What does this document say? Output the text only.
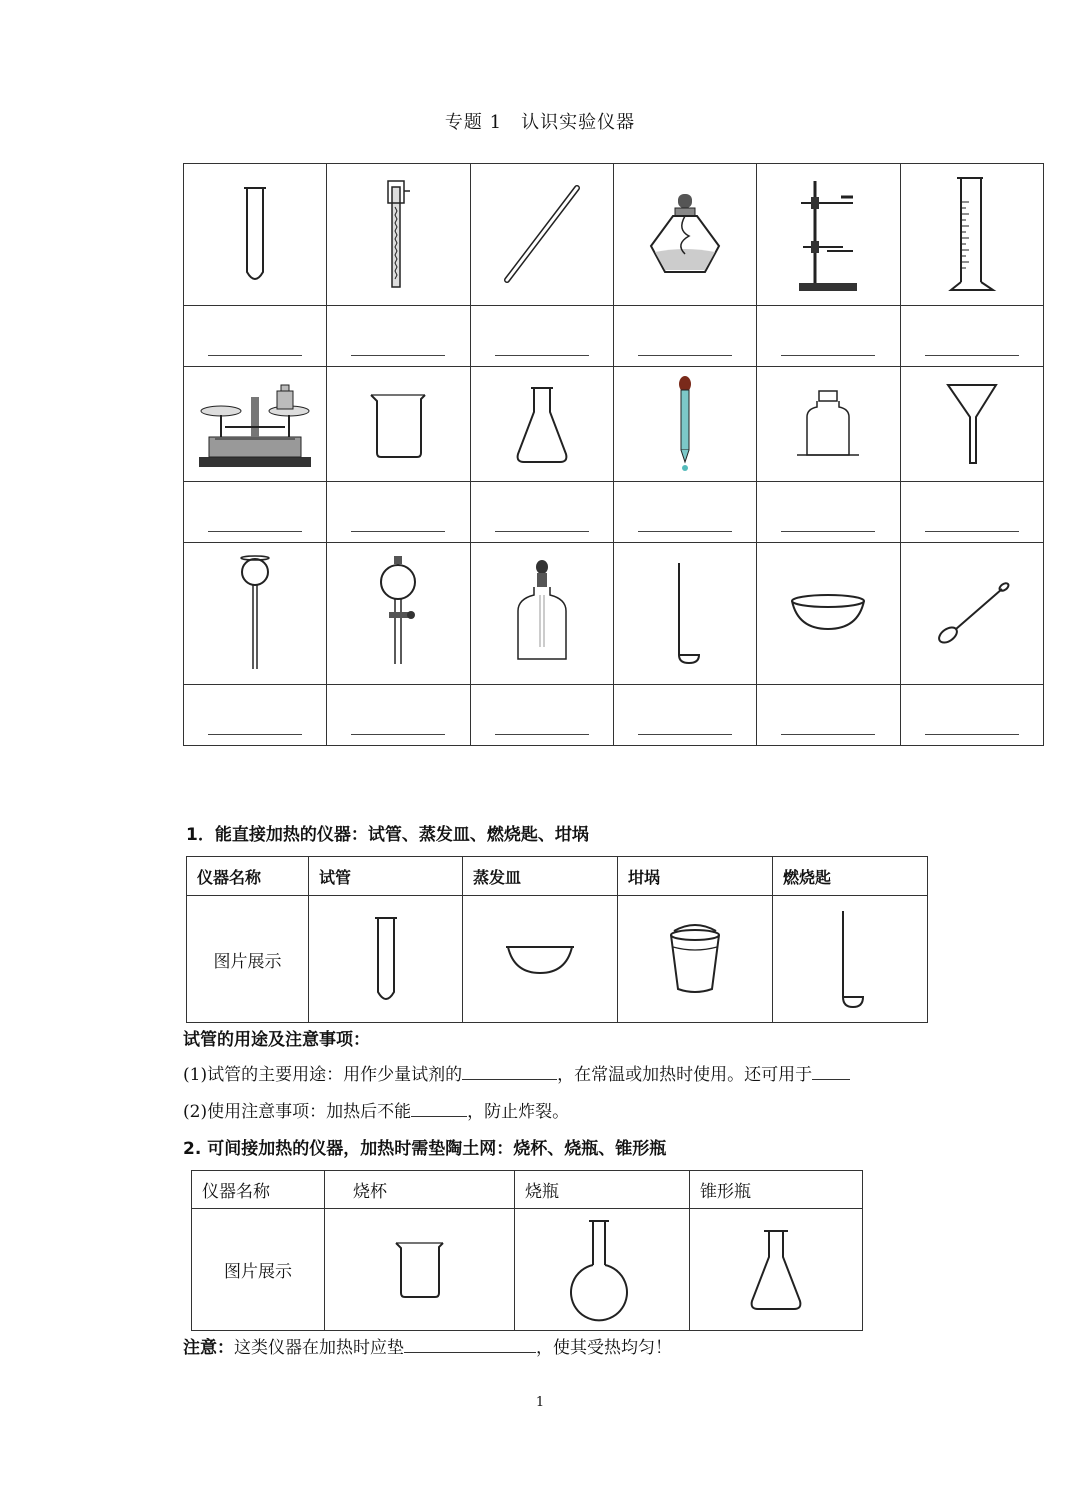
专题 1　认识实验仪器

1．能直接加热的仪器：试管、蒸发皿、燃烧匙、坩埚
仪器名称	试管	蒸发皿	坩埚	燃烧匙
图片展示	

试管的用途及注意事项：
(1)试管的主要用途：用作少量试剂的	，在常温或加热时使用。还可用于
(2)使用注意事项：加热后不能	，防止炸裂。
2. 可间接加热的仪器，加热时需垫陶土网：烧杯、烧瓶、锥形瓶
仪器名称	烧杯	烧瓶	锥形瓶
图片展示	

注意：这类仪器在加热时应垫	，使其受热均匀！
1
